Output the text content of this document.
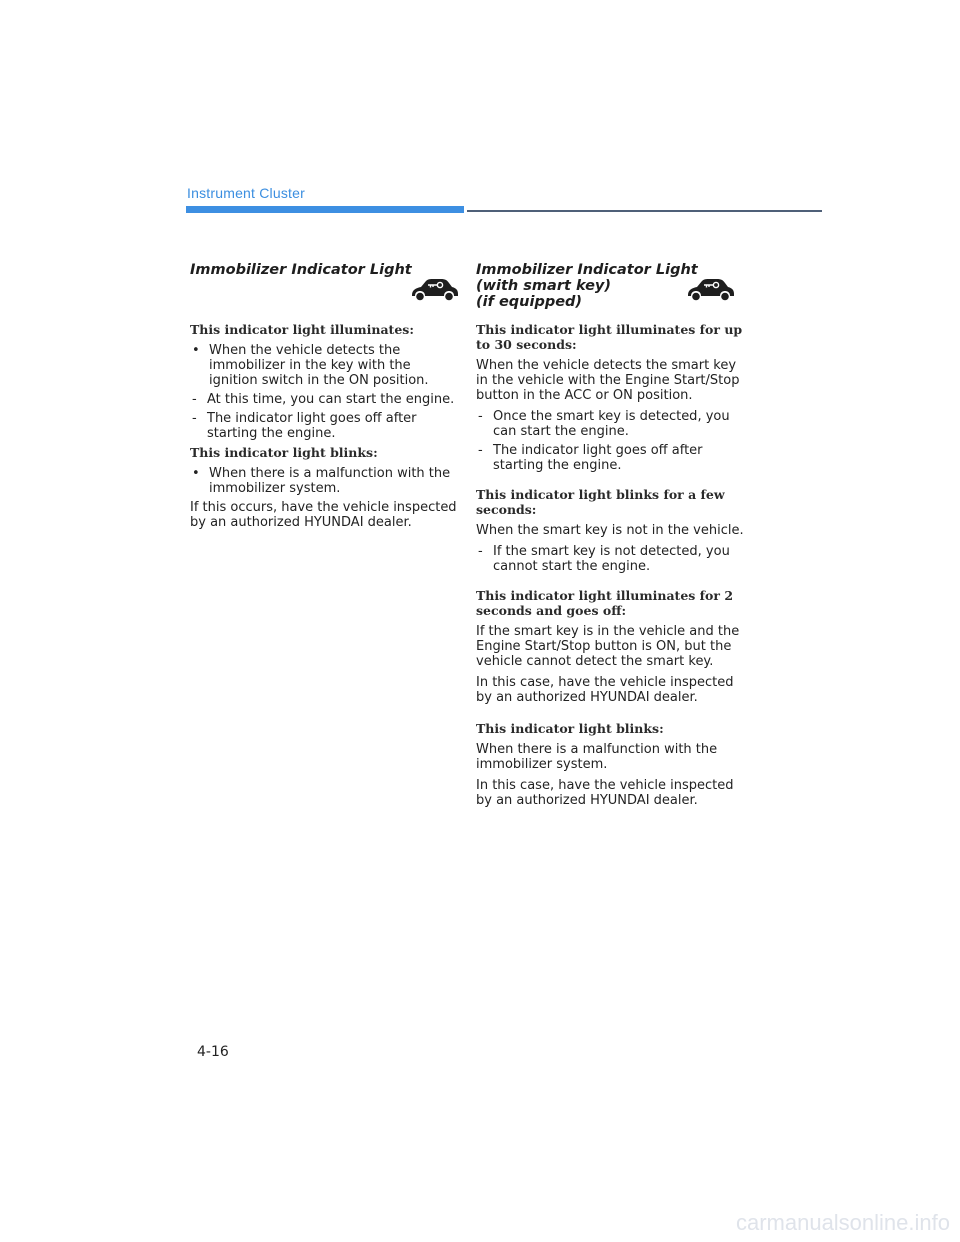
Instrument Cluster
Immobilizer Indicator Light

This indicator light illuminates:

• When the vehicle detects the immobilizer in the key with the ignition switch in the ON position.
- At this time, you can start the engine.
- The indicator light goes off after starting the engine.

This indicator light blinks:

• When there is a malfunction with the immobilizer system.

If this occurs, have the vehicle inspected by an authorized HYUNDAI dealer.

Immobilizer Indicator Light
(with smart key)
(if equipped)

This indicator light illuminates for up to 30 seconds:

When the vehicle detects the smart key in the vehicle with the Engine Start/Stop button in the ACC or ON position.

- Once the smart key is detected, you can start the engine.
- The indicator light goes off after starting the engine.

This indicator light blinks for a few seconds:

When the smart key is not in the vehicle.

- If the smart key is not detected, you cannot start the engine.

This indicator light illuminates for 2 seconds and goes off:

If the smart key is in the vehicle and the Engine Start/Stop button is ON, but the vehicle cannot detect the smart key.

In this case, have the vehicle inspected by an authorized HYUNDAI dealer.

This indicator light blinks:

When there is a malfunction with the immobilizer system.

In this case, have the vehicle inspected by an authorized HYUNDAI dealer.

4-16
carmanualsonline.info
